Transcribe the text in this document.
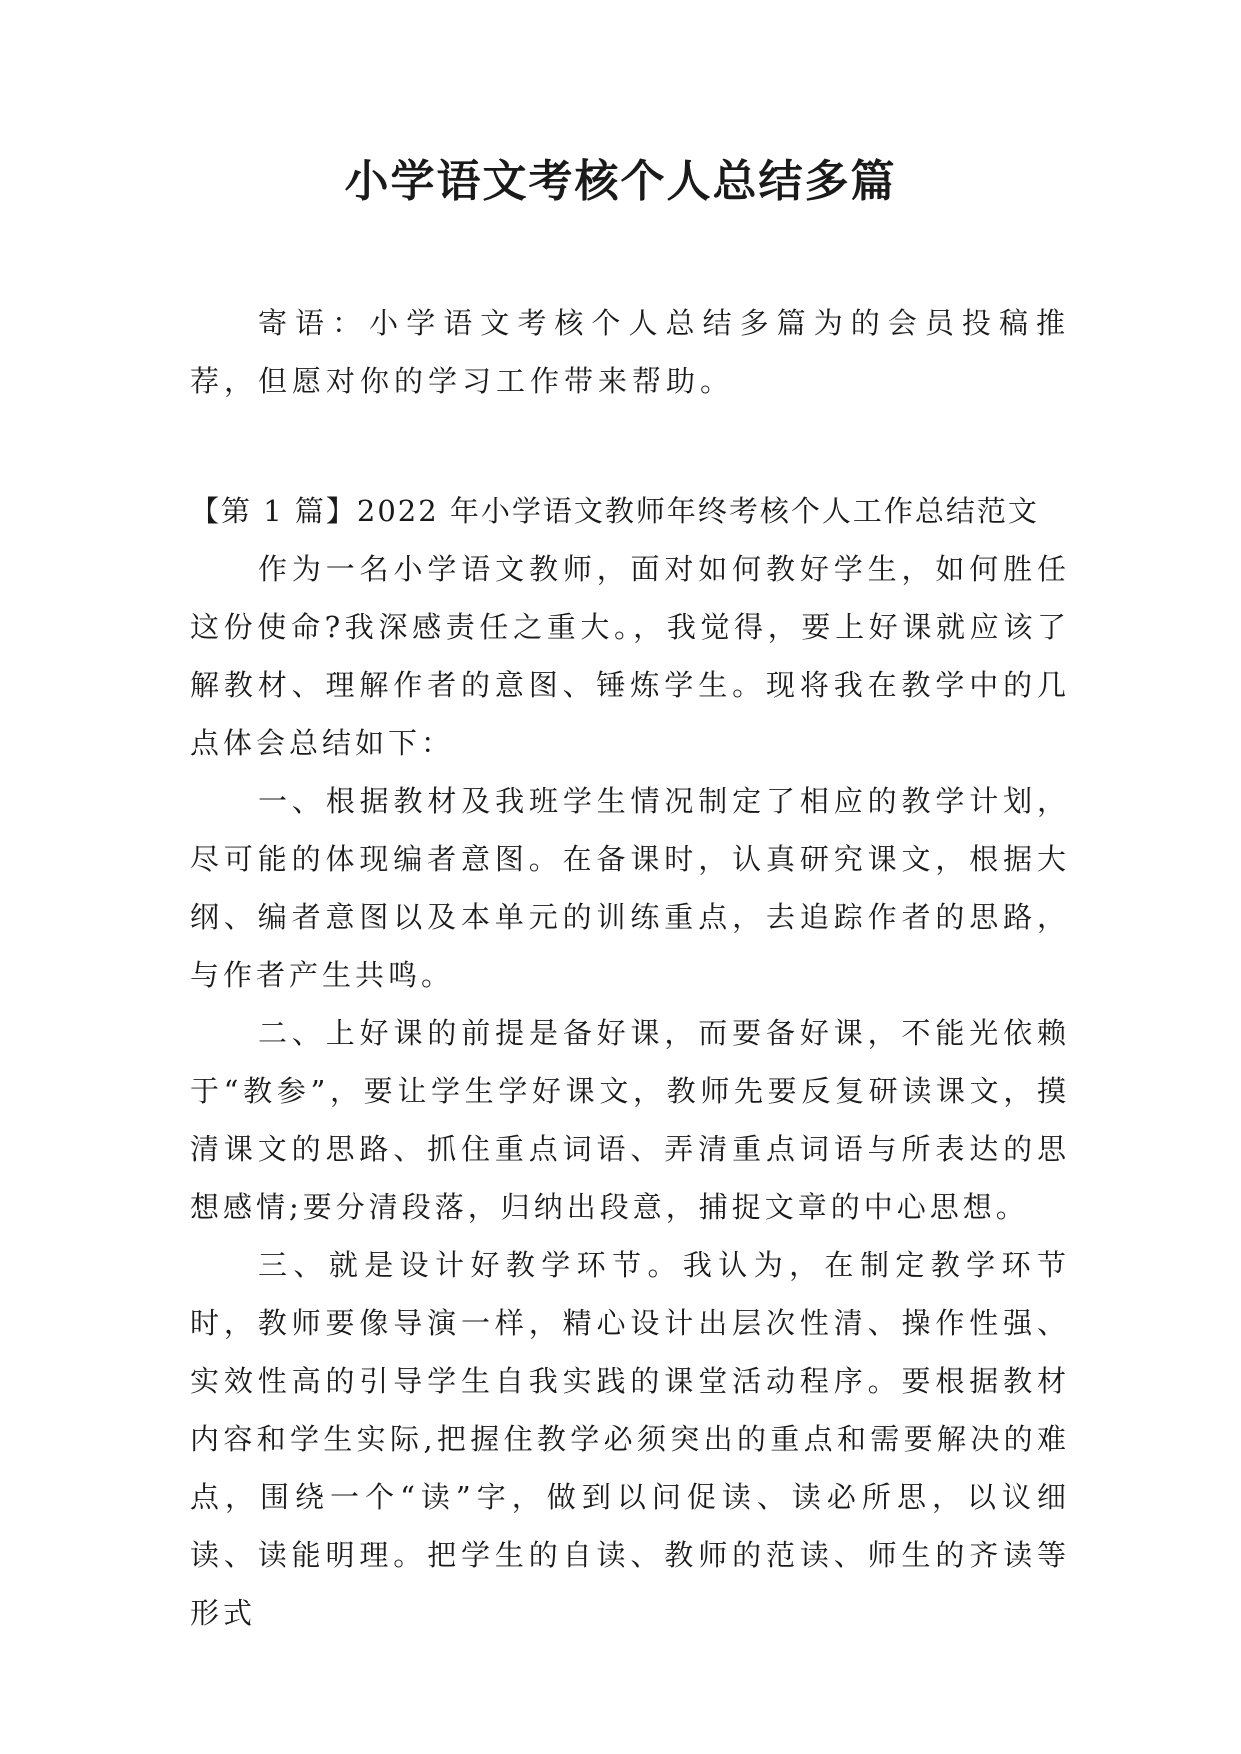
小学语文考核个人总结多篇

寄语：小学语文考核个人总结多篇为的会员投稿推荐，但愿对你的学习工作带来帮助。

【第 1 篇】2022 年小学语文教师年终考核个人工作总结范文

作为一名小学语文教师，面对如何教好学生，如何胜任这份使命?我深感责任之重大。，我觉得，要上好课就应该了解教材、理解作者的意图、锤炼学生。现将我在教学中的几点体会总结如下：

一、根据教材及我班学生情况制定了相应的教学计划，尽可能的体现编者意图。在备课时，认真研究课文，根据大纲、编者意图以及本单元的训练重点，去追踪作者的思路，与作者产生共鸣。

二、上好课的前提是备好课，而要备好课，不能光依赖于“教参”，要让学生学好课文，教师先要反复研读课文，摸清课文的思路、抓住重点词语、弄清重点词语与所表达的思想感情;要分清段落，归纳出段意，捕捉文章的中心思想。

三、就是设计好教学环节。我认为，在制定教学环节时，教师要像导演一样，精心设计出层次性清、操作性强、实效性高的引导学生自我实践的课堂活动程序。要根据教材内容和学生实际,把握住教学必须突出的重点和需要解决的难点，围绕一个“读”字，做到以问促读、读必所思，以议细读、读能明理。把学生的自读、教师的范读、师生的齐读等形式
